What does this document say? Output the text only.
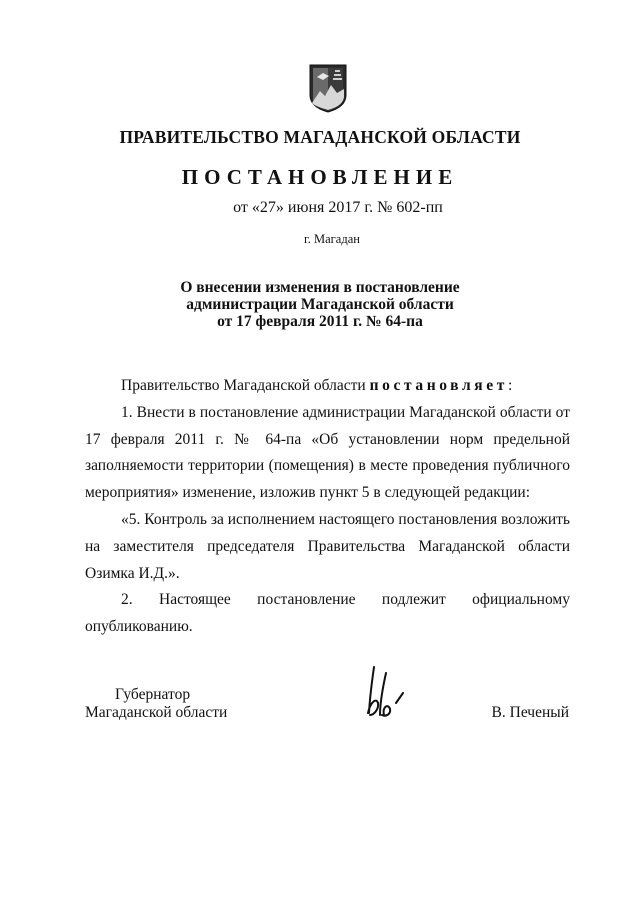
ПРАВИТЕЛЬСТВО МАГАДАНСКОЙ ОБЛАСТИ
ПОСТАНОВЛЕНИЕ
от «27» июня 2017 г. № 602-пп
г. Магадан
О внесении изменения в постановление
администрации Магаданской области
от 17 февраля 2011 г. № 64-па

Правительство Магаданской области постановляет:

1. Внести в постановление администрации Магаданской области от 17 февраля 2011 г. № 64-па «Об установлении норм предельной заполняемости территории (помещения) в месте проведения публичного мероприятия» изменение, изложив пункт 5 в следующей редакции:

«5. Контроль за исполнением настоящего постановления возложить на заместителя председателя Правительства Магаданской области Озимка И.Д.».

2. Настоящее постановление подлежит официальному опубликованию.

Губернатор
Магаданской области	В. Печеный
